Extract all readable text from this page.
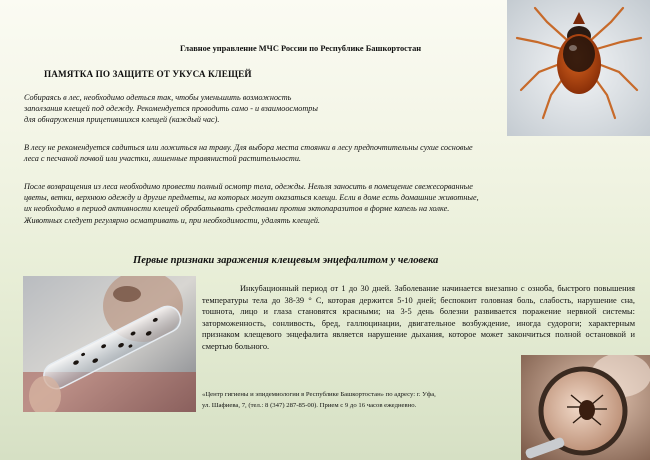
Главное управление МЧС России по Республике Башкортостан
ПАМЯТКА ПО ЗАЩИТЕ ОТ УКУСА КЛЕЩЕЙ
Собираясь в лес, необходимо одеться так, чтобы уменьшить возможность
заползания клещей под одежду. Рекомендуется проводить само - и взаимоосмотры
для обнаружения прицепившихся клещей (каждый час).
В лесу не рекомендуется садиться или ложиться на траву. Для выбора места стоянки в лесу предпочтительны сухие сосновые
леса с песчаной почвой или участки, лишенные травянистой растительности.
После возвращения из леса необходимо провести полный осмотр тела, одежды. Нельзя заносить в помещение свежесорванные
цветы, ветки, верхнюю одежду и другие предметы, на которых могут оказаться клещи. Если в доме есть домашние животные,
их необходимо в период активности клещей обрабатывать средствами против эктопаразитов в форме капель на холке.
Животных следует регулярно осматривать и, при необходимости, удалять клещей.
Первые признаки заражения клещевым энцефалитом у человека

Инкубационный период от 1 до 30 дней. Заболевание начинается внезапно с озноба, быстрого повышения температуры тела до 38-39 ° С, которая держится 5-10 дней; беспокоит головная боль, слабость, нарушение сна, тошнота, лицо и глаза становятся красными; на 3-5 день болезни развивается поражение нервной системы: заторможенность, сонливость, бред, галлюцинации, двигательное возбуждение, иногда судороги; характерным признаком клещевого энцефалита является нарушение дыхания, которое может закончиться полной остановкой и смертью больного.

«Центр гигиены и эпидемиологии в Республике Башкортостан» по адресу: г. Уфа,
ул. Шафиева, 7, (тел.: 8 (347) 287-85-00). Прием с 9 до 16 часов ежедневно.
